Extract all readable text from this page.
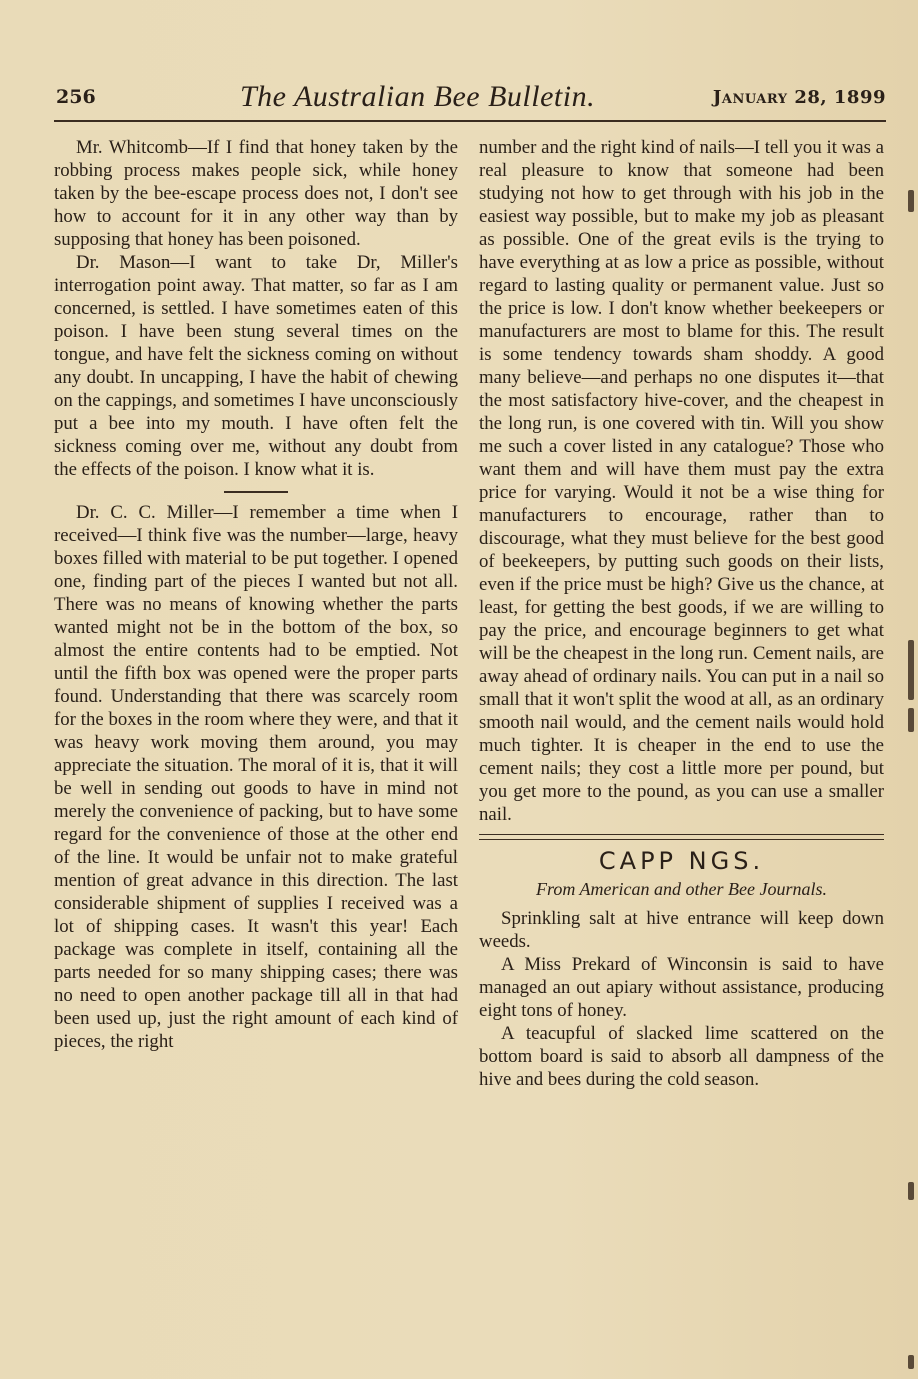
256	The Australian Bee Bulletin.	January 28, 1899

Mr. Whitcomb—If I find that honey taken by the robbing process makes people sick, while honey taken by the bee-escape process does not, I don't see how to account for it in any other way than by supposing that honey has been poisoned.

Dr. Mason—I want to take Dr, Miller's interrogation point away. That matter, so far as I am concerned, is settled. I have sometimes eaten of this poison. I have been stung several times on the tongue, and have felt the sickness coming on without any doubt. In uncapping, I have the habit of chewing on the cappings, and sometimes I have unconsciously put a bee into my mouth. I have often felt the sickness coming over me, without any doubt from the effects of the poison. I know what it is.

Dr. C. C. Miller—I remember a time when I received—I think five was the number—large, heavy boxes filled with material to be put together. I opened one, finding part of the pieces I wanted but not all. There was no means of knowing whether the parts wanted might not be in the bottom of the box, so almost the entire contents had to be emptied. Not until the fifth box was opened were the proper parts found. Understanding that there was scarcely room for the boxes in the room where they were, and that it was heavy work moving them around, you may appreciate the situation. The moral of it is, that it will be well in sending out goods to have in mind not merely the convenience of packing, but to have some regard for the convenience of those at the other end of the line. It would be unfair not to make grateful mention of great advance in this direction. The last considerable shipment of supplies I received was a lot of shipping cases. It wasn't this year! Each package was complete in itself, containing all the parts needed for so many shipping cases; there was no need to open another package till all in that had been used up, just the right amount of each kind of pieces, the right

number and the right kind of nails—I tell you it was a real pleasure to know that someone had been studying not how to get through with his job in the easiest way possible, but to make my job as pleasant as possible. One of the great evils is the trying to have everything at as low a price as possible, without regard to lasting quality or permanent value. Just so the price is low. I don't know whether beekeepers or manufacturers are most to blame for this. The result is some tendency towards sham shoddy. A good many believe—and perhaps no one disputes it—that the most satisfactory hive-cover, and the cheapest in the long run, is one covered with tin. Will you show me such a cover listed in any catalogue? Those who want them and will have them must pay the extra price for varying. Would it not be a wise thing for manufacturers to encourage, rather than to discourage, what they must believe for the best good of beekeepers, by putting such goods on their lists, even if the price must be high? Give us the chance, at least, for getting the best goods, if we are willing to pay the price, and encourage beginners to get what will be the cheapest in the long run. Cement nails, are away ahead of ordinary nails. You can put in a nail so small that it won't split the wood at all, as an ordinary smooth nail would, and the cement nails would hold much tighter. It is cheaper in the end to use the cement nails; they cost a little more per pound, but you get more to the pound, as you can use a smaller nail.

CAPP NGS.
From American and other Bee Journals.

Sprinkling salt at hive entrance will keep down weeds.

A Miss Prekard of Winconsin is said to have managed an out apiary without assistance, producing eight tons of honey.

A teacupful of slacked lime scattered on the bottom board is said to absorb all dampness of the hive and bees during the cold season.
